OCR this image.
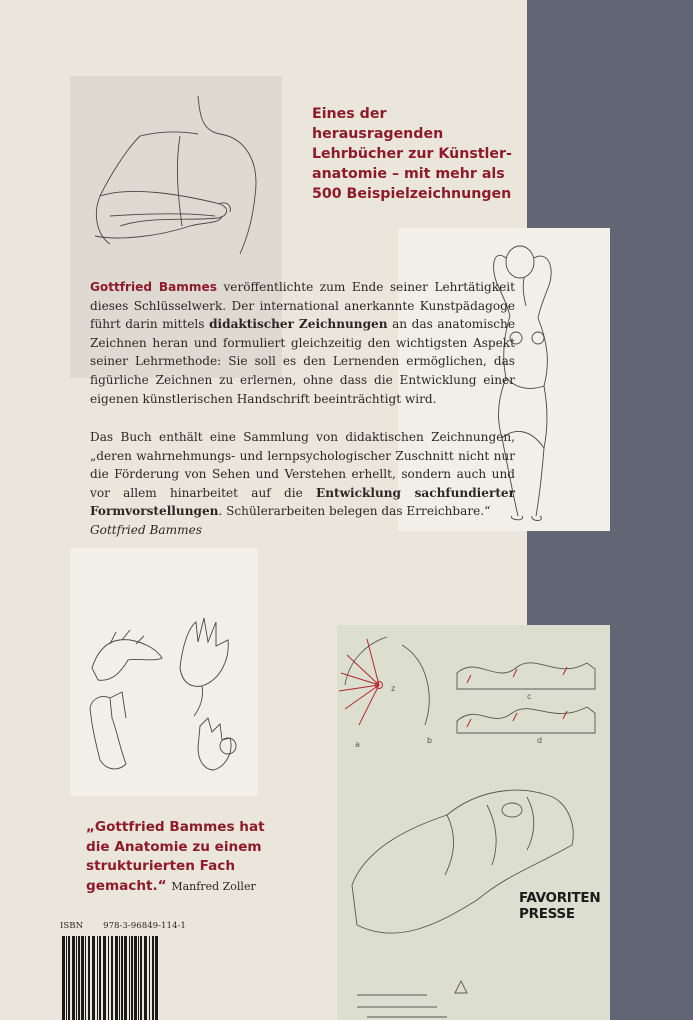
Eines der herausragenden
Lehrbücher zur Künstler-
anatomie – mit mehr als
500 Beispielzeichnungen
Gottfried Bammes veröffentlichte zum Ende seiner Lehrtätigkeit dieses Schlüsselwerk. Der international anerkannte Kunstpädagoge führt darin mittels didaktischer Zeichnungen an das anatomische Zeichnen heran und formuliert gleichzeitig den wichtigsten Aspekt seiner Lehrmethode: Sie soll es den Lernenden ermöglichen, das figürliche Zeichnen zu erlernen, ohne dass die Entwicklung einer eigenen künstlerischen Handschrift beeinträchtigt wird.
Das Buch enthält eine Sammlung von didaktischen Zeichnungen, „deren wahrnehmungs- und lernpsychologischer Zuschnitt nicht nur die Förderung von Sehen und Verstehen erhellt, sondern auch und vor allem hinarbeitet auf die Entwicklung sachfundierter Formvorstellungen. Schülerarbeiten belegen das Erreichbare.“
Gottfried Bammes
a	b
c
d
z
„Gottfried Bammes hat
die Anatomie zu einem
strukturierten Fach
gemacht.“ Manfred Zoller
FAVORITEN
PRESSE
ISBN 978-3-96849-114-1
